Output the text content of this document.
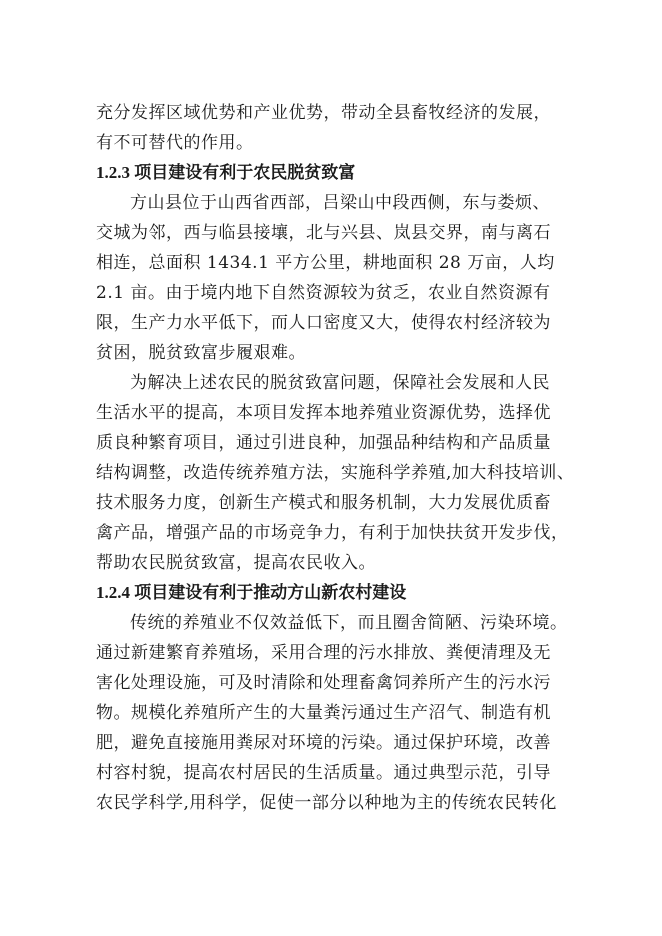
充分发挥区域优势和产业优势，带动全县畜牧经济的发展，
有不可替代的作用。
1.2.3 项目建设有利于农民脱贫致富
方山县位于山西省西部，吕梁山中段西侧，东与娄烦、
交城为邻，西与临县接壤，北与兴县、岚县交界，南与离石
相连，总面积 1434.1 平方公里，耕地面积 28 万亩，人均
2.1 亩。由于境内地下自然资源较为贫乏，农业自然资源有
限，生产力水平低下，而人口密度又大，使得农村经济较为
贫困，脱贫致富步履艰难。
为解决上述农民的脱贫致富问题，保障社会发展和人民
生活水平的提高，本项目发挥本地养殖业资源优势，选择优
质良种繁育项目，通过引进良种，加强品种结构和产品质量
结构调整，改造传统养殖方法，实施科学养殖,加大科技培训、
技术服务力度，创新生产模式和服务机制，大力发展优质畜
禽产品，增强产品的市场竞争力，有利于加快扶贫开发步伐，
帮助农民脱贫致富，提高农民收入。
1.2.4 项目建设有利于推动方山新农村建设
传统的养殖业不仅效益低下，而且圈舍简陋、污染环境。
通过新建繁育养殖场，采用合理的污水排放、粪便清理及无
害化处理设施，可及时清除和处理畜禽饲养所产生的污水污
物。规模化养殖所产生的大量粪污通过生产沼气、制造有机
肥，避免直接施用粪尿对环境的污染。通过保护环境，改善
村容村貌，提高农村居民的生活质量。通过典型示范，引导
农民学科学,用科学，促使一部分以种地为主的传统农民转化
